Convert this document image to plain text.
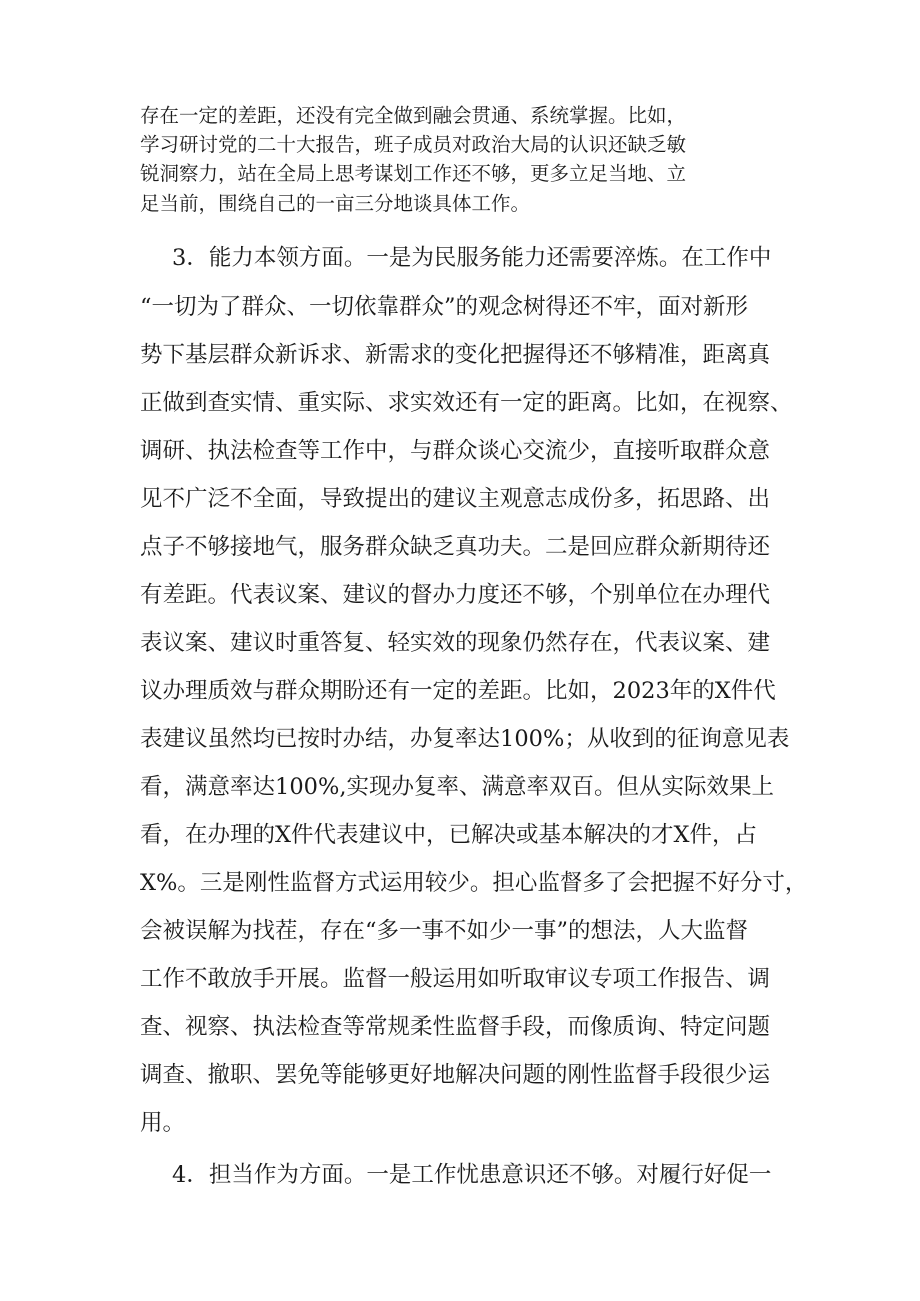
存在一定的差距，还没有完全做到融会贯通、系统掌握。比如，
学习研讨党的二十大报告，班子成员对政治大局的认识还缺乏敏
锐洞察力，站在全局上思考谋划工作还不够，更多立足当地、立
足当前，围绕自己的一亩三分地谈具体工作。
3．能力本领方面。一是为民服务能力还需要淬炼。在工作中
“一切为了群众、一切依靠群众”的观念树得还不牢，面对新形
势下基层群众新诉求、新需求的变化把握得还不够精准，距离真
正做到查实情、重实际、求实效还有一定的距离。比如，在视察、
调研、执法检查等工作中，与群众谈心交流少，直接听取群众意
见不广泛不全面，导致提出的建议主观意志成份多，拓思路、出
点子不够接地气，服务群众缺乏真功夫。二是回应群众新期待还
有差距。代表议案、建议的督办力度还不够，个别单位在办理代
表议案、建议时重答复、轻实效的现象仍然存在，代表议案、建
议办理质效与群众期盼还有一定的差距。比如，2023年的X件代
表建议虽然均已按时办结，办复率达100%；从收到的征询意见表
看，满意率达100%,实现办复率、满意率双百。但从实际效果上
看，在办理的X件代表建议中，已解决或基本解决的才X件，占
X%。三是刚性监督方式运用较少。担心监督多了会把握不好分寸，
会被误解为找茬，存在“多一事不如少一事”的想法，人大监督
工作不敢放手开展。监督一般运用如听取审议专项工作报告、调
查、视察、执法检查等常规柔性监督手段，而像质询、特定问题
调查、撤职、罢免等能够更好地解决问题的刚性监督手段很少运
用。
4．担当作为方面。一是工作忧患意识还不够。对履行好促一
